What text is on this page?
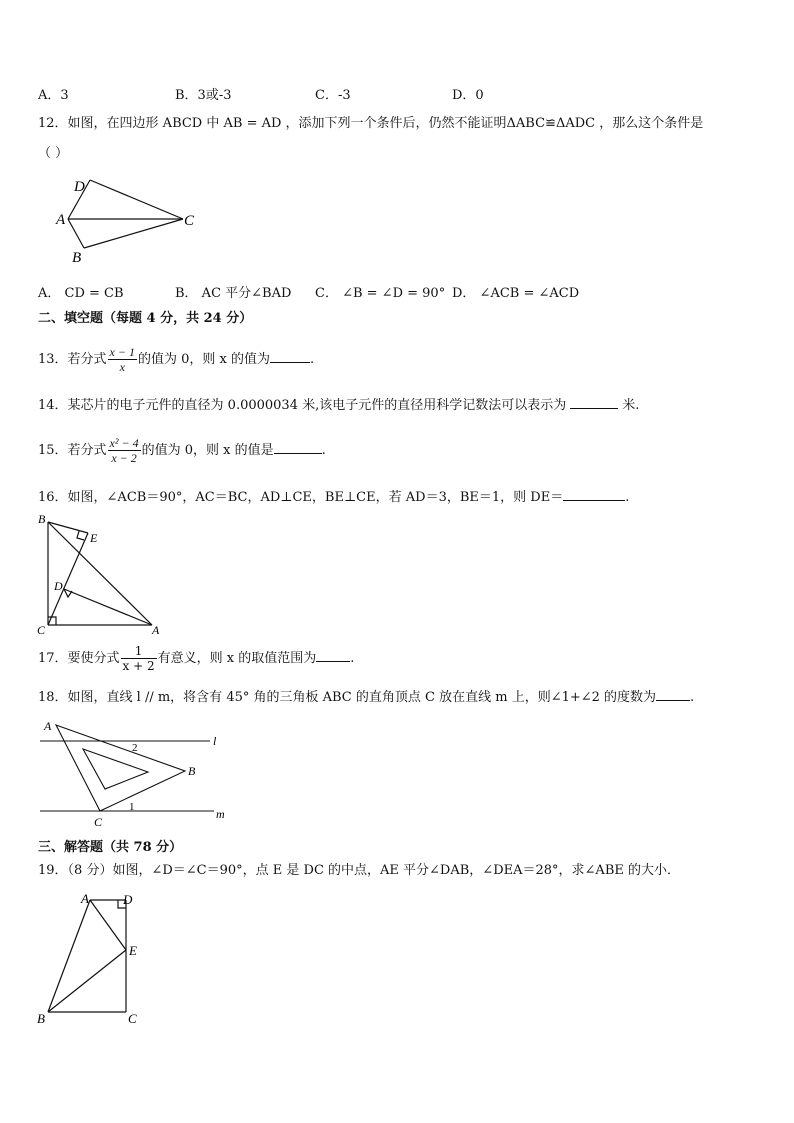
A．3	B．3或-3	C．-3	D．0
12．如图，在四边形 ABCD 中 AB = AD ，添加下列一个条件后，仍然不能证明ΔABC≌ΔADC ，那么这个条件是
（ ）
D
A	C
B
A． CD = CB	B． AC 平分∠BAD C． ∠B = ∠D = 90° D． ∠ACB = ∠ACD
二、填空题（每题 4 分，共 24 分）
13．若分式 $\frac{x - 1}{x}$ 的值为 0，则 x 的值为	.
14．某芯片的电子元件的直径为 0.0000034 米,该电子元件的直径用科学记数法可以表示为	米.
15．若分式 $\frac{\text{x² − 4}}{x - 2}$ 的值为 0，则 x 的值是	.
16．如图，∠ACB＝90°，AC＝BC，AD⊥CE，BE⊥CE，若 AD＝3，BE＝1，则 DE＝	.
B
E
D
C	A
17．要使分式 $\frac{1}{x + 2}$ 有意义，则 x 的取值范围为	.
18．如图，直线 l // m，将含有 45° 角的三角板 ABC 的直角顶点 C 放在直线 m 上，则∠1+∠2 的度数为	.
A
B
C
l
m
2
1
三、解答题（共 78 分）
19．（8 分）如图，∠D＝∠C＝90°，点 E 是 DC 的中点，AE 平分∠DAB，∠DEA＝28°，求∠ABE 的大小．
A	D
E
B	C
